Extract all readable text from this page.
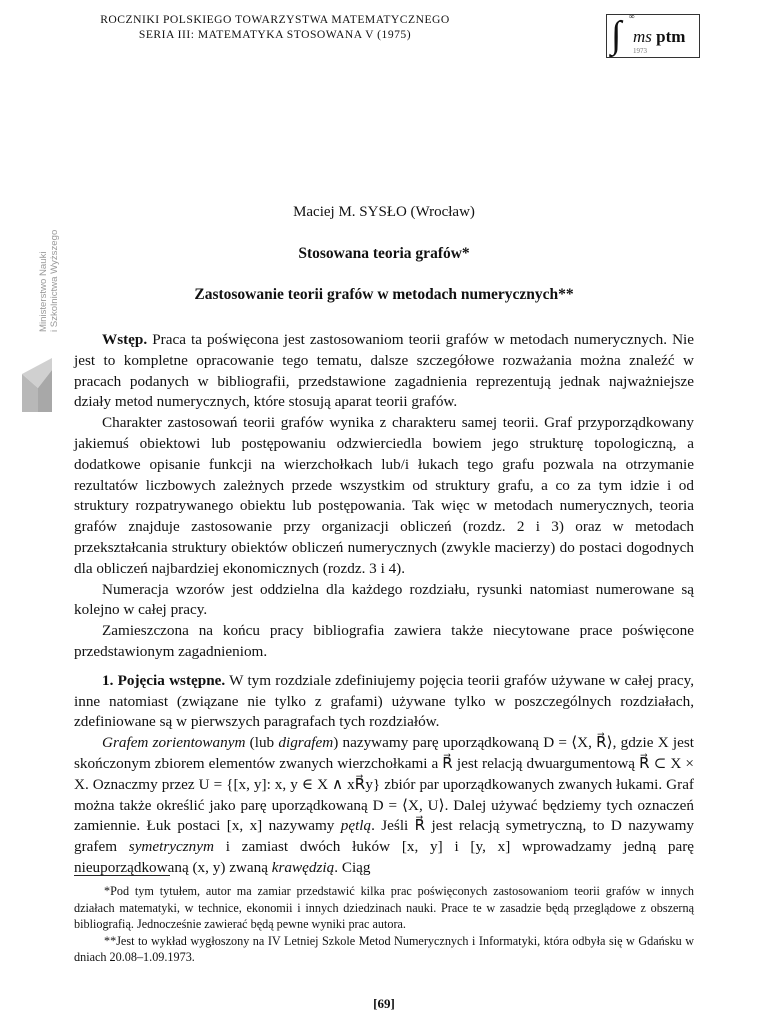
ROCZNIKI POLSKIEGO TOWARZYSTWA MATEMATYCZNEGO
SERIA III: MATEMATYKA STOSOWANA V (1975)	∫ ∞
ms ptm
1973
Ministerstwo Nauki i Szkolnictwa Wyższego
Maciej M. SYSŁO (Wrocław)
Stosowana teoria grafów*
Zastosowanie teorii grafów w metodach numerycznych**

Wstęp. Praca ta poświęcona jest zastosowaniom teorii grafów w metodach numerycznych. Nie jest to kompletne opracowanie tego tematu, dalsze szczegółowe rozważania można znaleźć w pracach podanych w bibliografii, przedstawione zagadnienia reprezentują jednak najważniejsze działy metod numerycznych, które stosują aparat teorii grafów.

Charakter zastosowań teorii grafów wynika z charakteru samej teorii. Graf przyporządkowany jakiemuś obiektowi lub postępowaniu odzwierciedla bowiem jego strukturę topologiczną, a dodatkowe opisanie funkcji na wierzchołkach lub/i łukach tego grafu pozwala na otrzymanie rezultatów liczbowych zależnych przede wszystkim od struktury grafu, a co za tym idzie i od struktury rozpatrywanego obiektu lub postępowania. Tak więc w metodach numerycznych, teoria grafów znajduje zastosowanie przy organizacji obliczeń (rozdz. 2 i 3) oraz w metodach przekształcania struktury obiektów obliczeń numerycznych (zwykle macierzy) do postaci dogodnych dla obliczeń najbardziej ekonomicznych (rozdz. 3 i 4).

Numeracja wzorów jest oddzielna dla każdego rozdziału, rysunki natomiast numerowane są kolejno w całej pracy.

Zamieszczona na końcu pracy bibliografia zawiera także niecytowane prace poświęcone przedstawionym zagadnieniom.

1. Pojęcia wstępne. W tym rozdziale zdefiniujemy pojęcia teorii grafów używane w całej pracy, inne natomiast (związane nie tylko z grafami) używane tylko w poszczególnych rozdziałach, zdefiniowane są w pierwszych paragrafach tych rozdziałów.

Grafem zorientowanym (lub digrafem) nazywamy parę uporządkowaną D = ⟨X, R⃗⟩, gdzie X jest skończonym zbiorem elementów zwanych wierzchołkami a R⃗ jest relacją dwuargumentową R⃗ ⊂ X × X. Oznaczmy przez U = {[x, y]: x, y ∈ X ∧ xR⃗y} zbiór par uporządkowanych zwanych łukami. Graf można także określić jako parę uporządkowaną D = ⟨X, U⟩. Dalej używać będziemy tych oznaczeń zamiennie. Łuk postaci [x, x] nazywamy pętlą. Jeśli R⃗ jest relacją symetryczną, to D nazywamy grafem symetrycznym i zamiast dwóch łuków [x, y] i [y, x] wprowadzamy jedną parę nieuporządkowaną (x, y) zwaną krawędzią. Ciąg

*Pod tym tytułem, autor ma zamiar przedstawić kilka prac poświęconych zastosowaniom teorii grafów w innych działach matematyki, w technice, ekonomii i innych dziedzinach nauki. Prace te w zasadzie będą przeglądowe z obszerną bibliografią. Jednocześnie zawierać będą pewne wyniki prac autora.

**Jest to wykład wygłoszony na IV Letniej Szkole Metod Numerycznych i Informatyki, która odbyła się w Gdańsku w dniach 20.08–1.09.1973.

[69]
